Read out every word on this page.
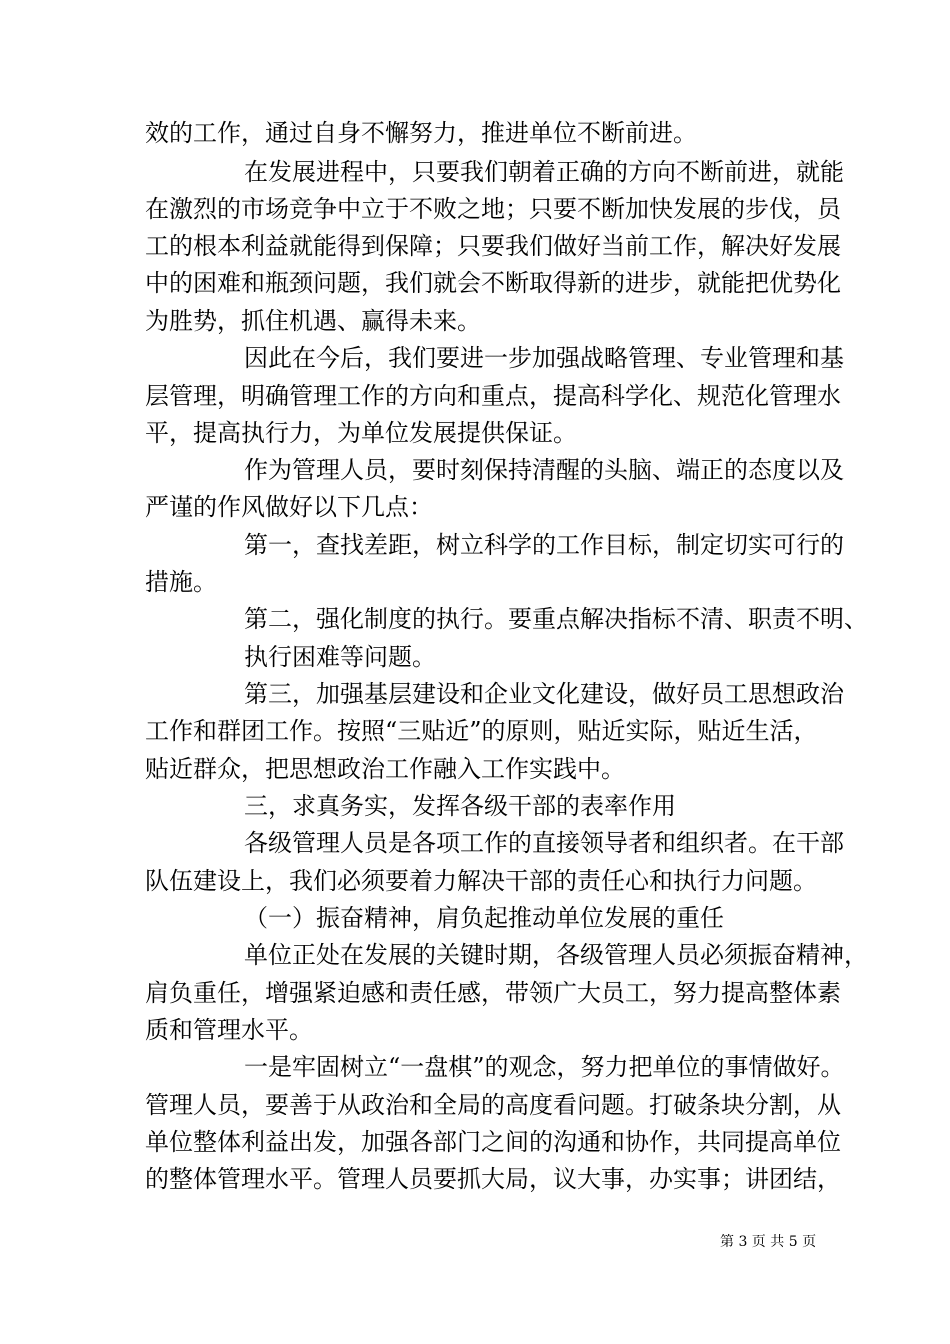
效的工作，通过自身不懈努力，推进单位不断前进。

在发展进程中，只要我们朝着正确的方向不断前进，就能

在激烈的市场竞争中立于不败之地；只要不断加快发展的步伐，员

工的根本利益就能得到保障；只要我们做好当前工作，解决好发展

中的困难和瓶颈问题，我们就会不断取得新的进步，就能把优势化

为胜势，抓住机遇、赢得未来。

因此在今后，我们要进一步加强战略管理、专业管理和基

层管理，明确管理工作的方向和重点，提高科学化、规范化管理水

平，提高执行力，为单位发展提供保证。

作为管理人员，要时刻保持清醒的头脑、端正的态度以及

严谨的作风做好以下几点：

第一，查找差距，树立科学的工作目标，制定切实可行的

措施。

第二，强化制度的执行。要重点解决指标不清、职责不明、

执行困难等问题。

第三，加强基层建设和企业文化建设，做好员工思想政治

工作和群团工作。按照“三贴近”的原则，贴近实际，贴近生活，

贴近群众，把思想政治工作融入工作实践中。

三，求真务实，发挥各级干部的表率作用

各级管理人员是各项工作的直接领导者和组织者。在干部

队伍建设上，我们必须要着力解决干部的责任心和执行力问题。

（一）振奋精神，肩负起推动单位发展的重任

单位正处在发展的关键时期，各级管理人员必须振奋精神，

肩负重任，增强紧迫感和责任感，带领广大员工，努力提高整体素

质和管理水平。

一是牢固树立“一盘棋”的观念，努力把单位的事情做好。

管理人员，要善于从政治和全局的高度看问题。打破条块分割，从

单位整体利益出发，加强各部门之间的沟通和协作，共同提高单位

的整体管理水平。管理人员要抓大局，议大事，办实事；讲团结，

第 3 页 共 5 页
